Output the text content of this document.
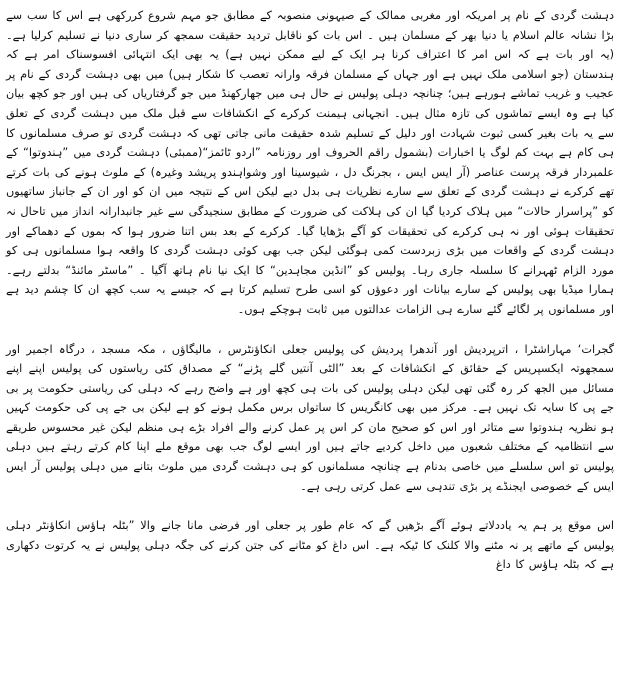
دہشت گردی کے نام پر امریکہ اور مغربی ممالک کے صیہونی منصوبہ کے مطابق جو مہم شروع کررکھی ہے اس کا سب سے بڑا نشانہ عالم اسلام یا دنیا بھر کے مسلمان ہیں ۔ اس بات کو ناقابل تردید حقیقت سمجھ کر ساری دنیا نے تسلیم کرلیا ہے۔ (یہ اور بات ہے کہ اس امر کا اعتراف کرنا ہر ایک کے لیے ممکن نہیں ہے) یہ بھی ایک انتہائی افسوسناک امر ہے کہ ہندستان (جو اسلامی ملک نہیں ہے اور جہاں کے مسلمان فرقہ وارانہ تعصب کا شکار ہیں) میں بھی دہشت گردی کے نام پر عجیب و غریب تماشے ہورہے ہیں؛ چنانچہ دہلی پولیس نے حال ہی میں جھارکھنڈ میں جو گرفتاریاں کی ہیں اور جو کچھ بیان کیا ہے وہ ایسے تماشوں کی تازہ مثال ہیں۔ انجہانی ہیمنت کرکرے کے انکشافات سے قبل ملک میں دہشت گردی کے تعلق سے یہ بات بغیر کسی ثبوت شہادت اور دلیل کے تسلیم شدہ حقیقت مانی جاتی تھی کہ دہشت گردی تو صرف مسلمانوں کا ہی کام ہے بہت کم لوگ یا اخبارات (بشمول راقم الحروف اور روزنامہ ”اردو ٹائمز“(ممبئی) دہشت گردی میں ”ہندوتوا“ کے علمبردار فرقہ پرست عناصر (آر ایس ایس ، بجرنگ دل ، شیوسینا اور وشواہندو پریشد وغیرہ) کے ملوث ہونے کی بات کرتے تھے کرکرے نے دہشت گردی کے تعلق سے سارے نظریات ہی بدل دیے لیکن اس کے نتیجہ میں ان کو اور ان کے جانباز ساتھیوں کو ”پراسرار حالات“ میں ہلاک کردیا گیا ان کی ہلاکت کی ضرورت کے مطابق سنجیدگی سے غیر جانبدارانہ انداز میں تاحال نہ تحقیقات ہوئی اور نہ ہی کرکرے کی تحقیقات کو آگے بڑھایا گیا۔ کرکرے کے بعد بس اتنا ضرور ہوا کہ بموں کے دھماکے اور دہشت گردی کے واقعات میں بڑی زبردست کمی ہوگئی لیکن جب بھی کوئی دہشت گردی کا واقعہ ہوا مسلمانوں ہی کو مورد الزام ٹھہرانے کا سلسلہ جاری رہا۔ پولیس کو ”انڈین مجاہدین“ کا ایک نیا نام ہاتھ آگیا ۔ ”ماسٹر مائنڈ“ بدلتے رہے۔ ہمارا میڈیا بھی پولیس کے سارے بیانات اور دعوؤں کو اسی طرح تسلیم کرتا ہے کہ جیسے یہ سب کچھ ان کا چشم دید ہے اور مسلمانوں پر لگائے گئے سارے ہی الزامات عدالتوں میں ثابت ہوچکے ہوں۔

گجرات‘ مہاراشٹرا ، اترپردیش اور آندھرا پردیش کی پولیس جعلی انکاؤنٹرس ، مالیگاؤں ، مکہ مسجد ، درگاہ اجمیر اور سمجھوتہ ایکسپریس کے حقائق کے انکشافات کے بعد ”الٹی آنتیں گلے پڑنے“ کے مصداق کئی ریاستوں کی پولیس اپنے اپنے مسائل میں الجھ کر رہ گئی تھی لیکن دہلی پولیس کی بات ہی کچھ اور ہے واضح رہے کہ دہلی کی ریاستی حکومت پر بی جے پی کا سایہ تک نہیں ہے۔ مرکز میں بھی کانگریس کا ساتواں برس مکمل ہونے کو ہے لیکن بی جے پی کی حکومت کہیں ہو نظریہ ہندوتوا سے متاثر اور اس کو صحیح مان کر اس پر عمل کرنے والے افراد بڑے ہی منظم لیکن غیر محسوس طریقے سے انتظامیہ کے مختلف شعبوں میں داخل کردیے جاتے ہیں اور ایسے لوگ جب بھی موقع ملے اپنا کام کرتے رہتے ہیں دہلی پولیس تو اس سلسلے میں خاصی بدنام ہے چنانچہ مسلمانوں کو ہی دہشت گردی میں ملوث بتانے میں دہلی پولیس آر ایس ایس کے خصوصی ایجنڈے پر بڑی تندہی سے عمل کرتی رہی ہے۔

اس موقع پر ہم یہ یاددلاتے ہوئے آگے بڑھیں گے کہ عام طور پر جعلی اور فرضی مانا جانے والا ”بٹلہ ہاؤس انکاؤنٹر دہلی پولیس کے ماتھے پر نہ مٹنے والا کلنک کا ٹیکہ ہے۔ اس داغ کو مٹانے کی جتن کرنے کی جگہ دہلی پولیس نے یہ کرتوت دکھاری ہے کہ بٹلہ ہاؤس کا داغ
